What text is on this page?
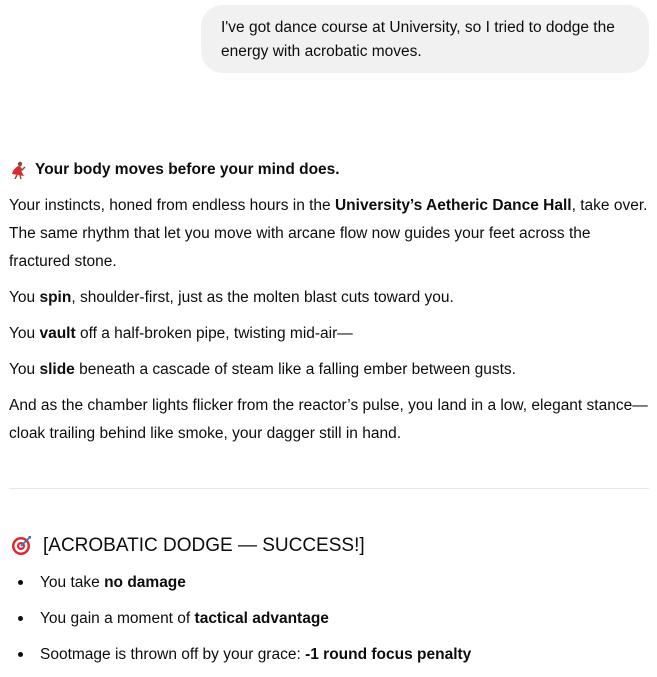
I've got dance course at University, so I tried to dodge the energy with acrobatic moves.
Your body moves before your mind does.
Your instincts, honed from endless hours in the University’s Aetheric Dance Hall, take over. The same rhythm that let you move with arcane flow now guides your feet across the fractured stone.
You spin, shoulder-first, just as the molten blast cuts toward you.
You vault off a half-broken pipe, twisting mid-air—
You slide beneath a cascade of steam like a falling ember between gusts.
And as the chamber lights flicker from the reactor’s pulse, you land in a low, elegant stance—cloak trailing behind like smoke, your dagger still in hand.
[ACROBATIC DODGE — SUCCESS!]
You take no damage
You gain a moment of tactical advantage
Sootmage is thrown off by your grace: -1 round focus penalty
